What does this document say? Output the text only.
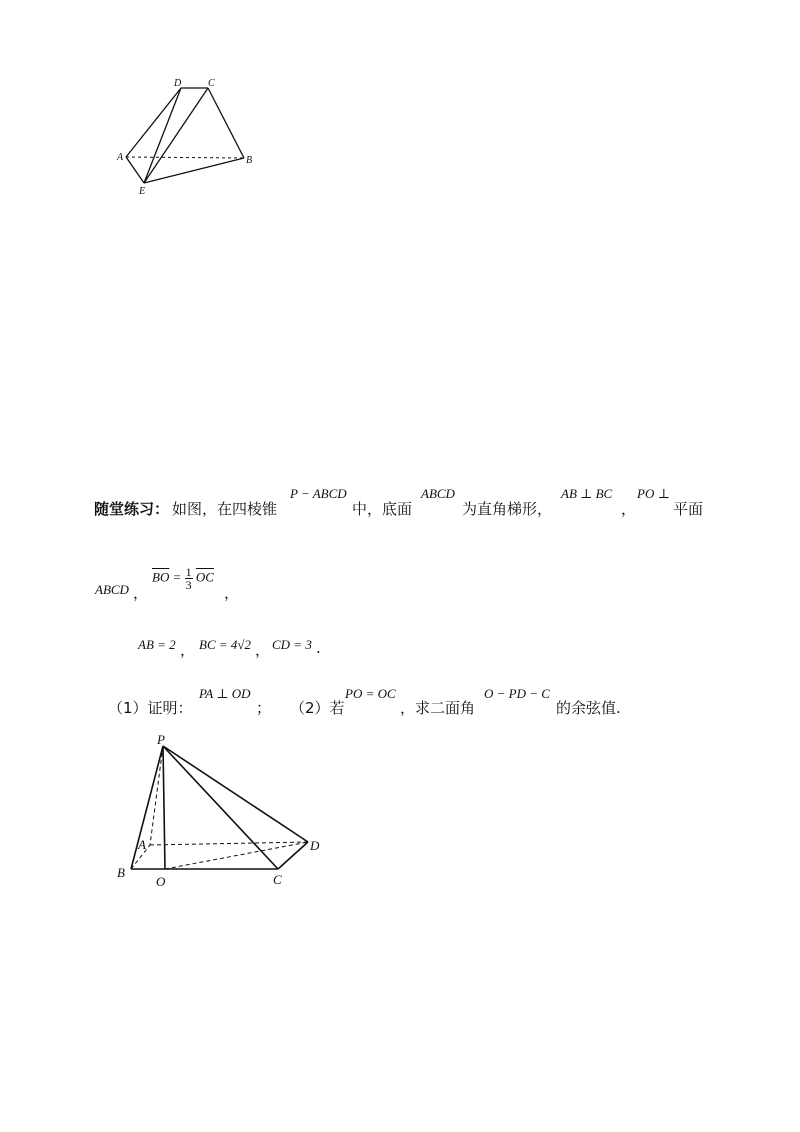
A	B
C
D
E
随堂练习： 如图，在四棱锥
P − ABCD
中，底面
ABCD
为直角梯形，
AB ⊥ BC
，
PO ⊥
平面
ABCD ，
$\overline{BO} = \frac{1}{3} \overline{OC}$
，
AB = 2 ， BC = 4√2 ， CD = 3 .
（1）证明：
PA ⊥ OD
； （2）若
PO = OC
，求二面角
O − PD − C
的余弦值.
P
A
B
O	C
D
